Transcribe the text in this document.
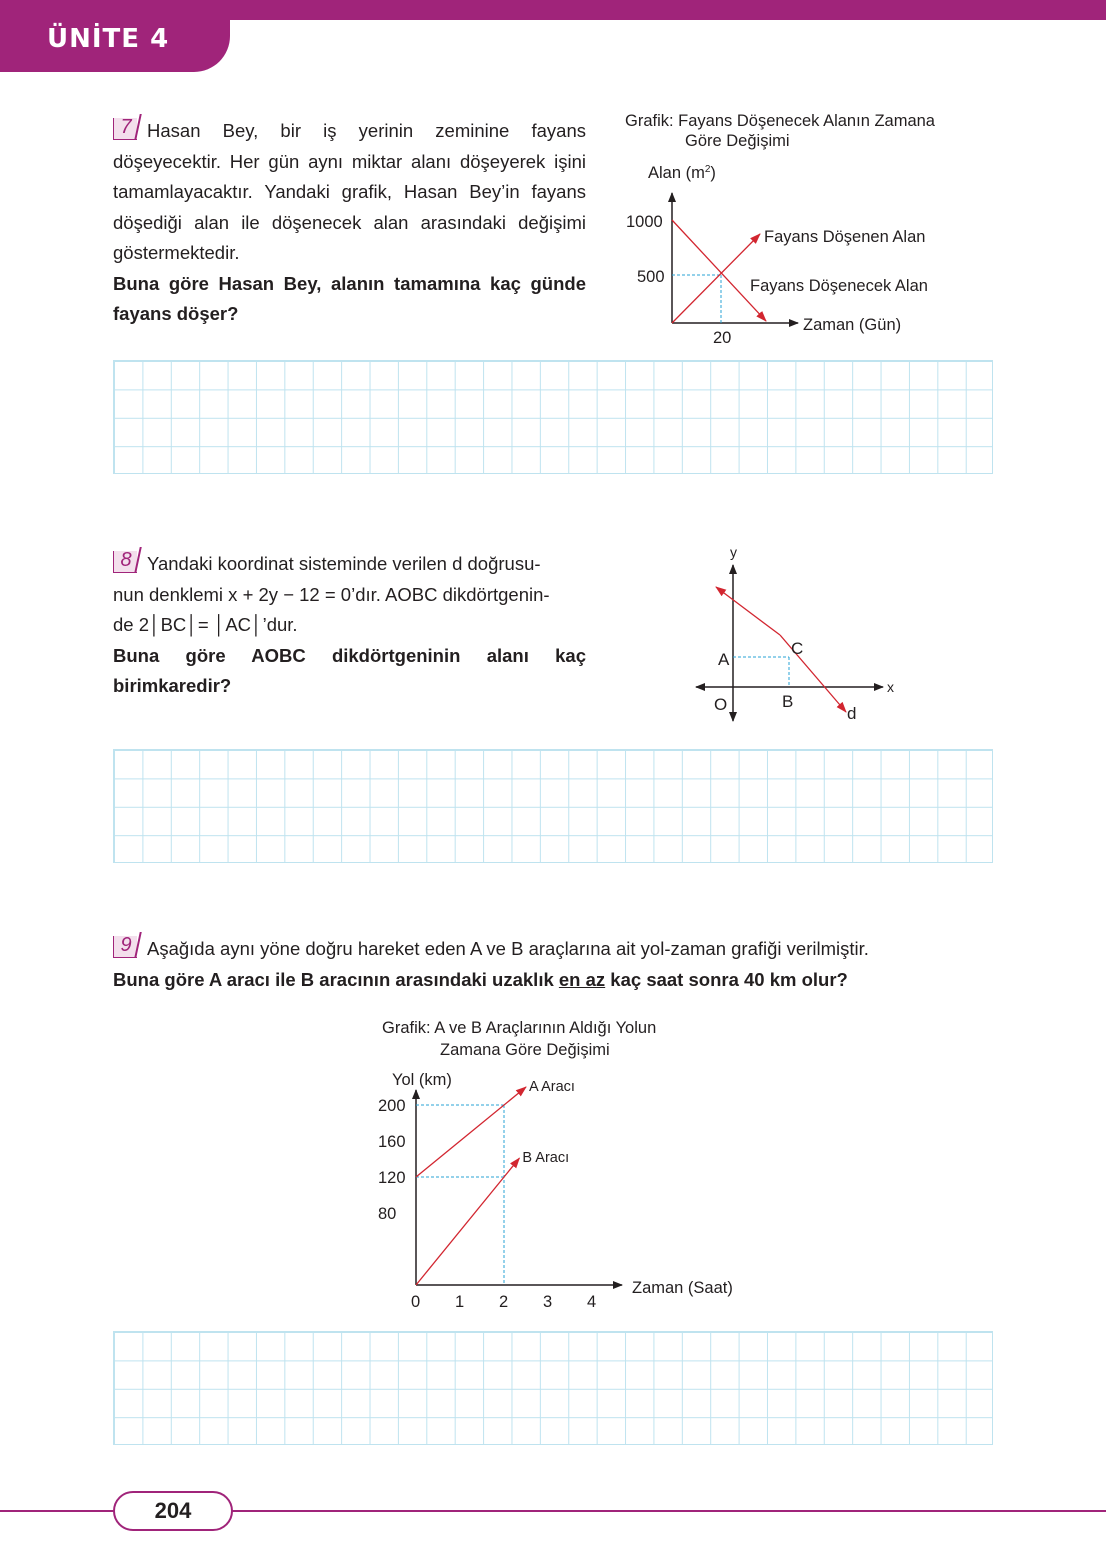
ÜNİTE 4
7 Hasan Bey, bir iş yerinin zeminine fayans döşeyecektir. Her gün aynı miktar alanı döşeyerek işini tamamlayacaktır. Yandaki grafik, Hasan Bey’in fayans döşediği alan ile döşenecek alan arasındaki değişimi göstermektedir.
Buna göre Hasan Bey, alanın tamamına kaç günde fayans döşer?
Grafik: Fayans Döşenecek Alanın Zamana
Göre Değişimi
Alan $(m^2)$
1000
500
20
Fayans Döşenen Alan
Fayans Döşenecek Alan
Zaman (Gün)
8 Yandaki koordinat sisteminde verilen d doğrusu-
nun denklemi x + 2y − 12 = 0’dır. AOBC dikdörtgenin-
de 2│BC│= │AC│’dur.
Buna göre AOBC dikdörtgeninin alanı kaç birimkaredir?
y
x
A
C
O	B
d
9 Aşağıda aynı yöne doğru hareket eden A ve B araçlarına ait yol-zaman grafiği verilmiştir.
Buna göre A aracı ile B aracının arasındaki uzaklık en az kaç saat sonra 40 km olur?
Grafik: A ve B Araçlarının Aldığı Yolun
Zamana Göre Değişimi
Yol (km)
Zaman (Saat)
200
160
120
80
0 1 2 3 4
A Aracı
B Aracı
204
